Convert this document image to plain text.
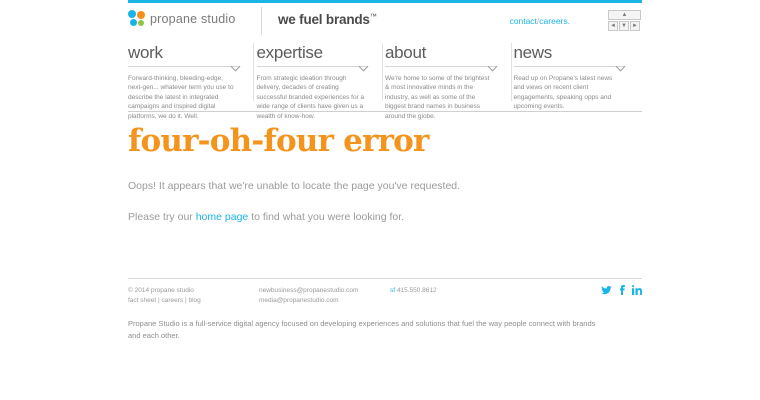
propane studio	we fuel brands™	contact/careers.
▲
◄ ▼ ►
work

Forward-thinking, bleeding-edge, next-gen... whatever term you use to describe the latest in integrated campaigns and inspired digital platforms, we do it. Well.

expertise

From strategic ideation through delivery, decades of creating successful branded experiences for a wide range of clients have given us a wealth of know-how.

about

We're home to some of the brightest & most innovative minds in the industry, as well as some of the biggest brand names in business around the globe.

news

Read up on Propane's latest news and views on recent client engagements, speaking opps and upcoming events.

four-oh-four error

Oops! It appears that we're unable to locate the page you've requested.

Please try our home page to find what you were looking for.

© 2014 propane studio
fact sheet | careers | blog
newbusiness@propanestudio.com
media@propanestudio.com
sf 415.550.8612
Propane Studio is a full-service digital agency focused on developing experiences and solutions that fuel the way people connect with brands and each other.
